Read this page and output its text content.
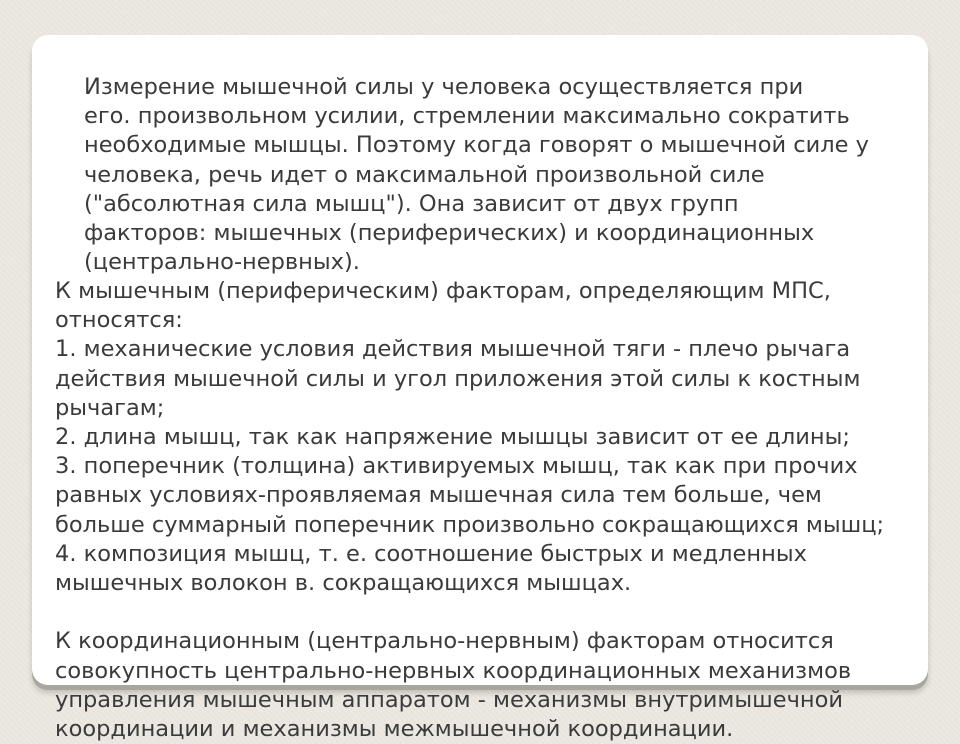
Измерение мышечной силы у человека осуществляется при
его. произвольном усилии, стремлении максимально сократить
необходимые мышцы. Поэтому когда говорят о мышечной силе у
человека, речь идет о максимальной произвольной силе
("абсолютная сила мышц"). Она зависит от двух групп
факторов: мышечных (периферических) и координационных
(центрально-нервных).

К мышечным (периферическим) факторам, определяющим МПС,
относятся:
1. механические условия действия мышечной тяги - плечо рычага
действия мышечной силы и угол приложения этой силы к костным
рычагам;
2. длина мышц, так как напряжение мышцы зависит от ее длины;
3. поперечник (толщина) активируемых мышц, так как при прочих
равных условиях-проявляемая мышечная сила тем больше, чем
больше суммарный поперечник произвольно сокращающихся мышц;
4. композиция мышц, т. е. соотношение быстрых и медленных
мышечных волокон в. сокращающихся мышцах.

К координационным (центрально-нервным) факторам относится
совокупность центрально-нервных координационных механизмов
управления мышечным аппаратом - механизмы внутримышечной
координации и механизмы межмышечной координации.
